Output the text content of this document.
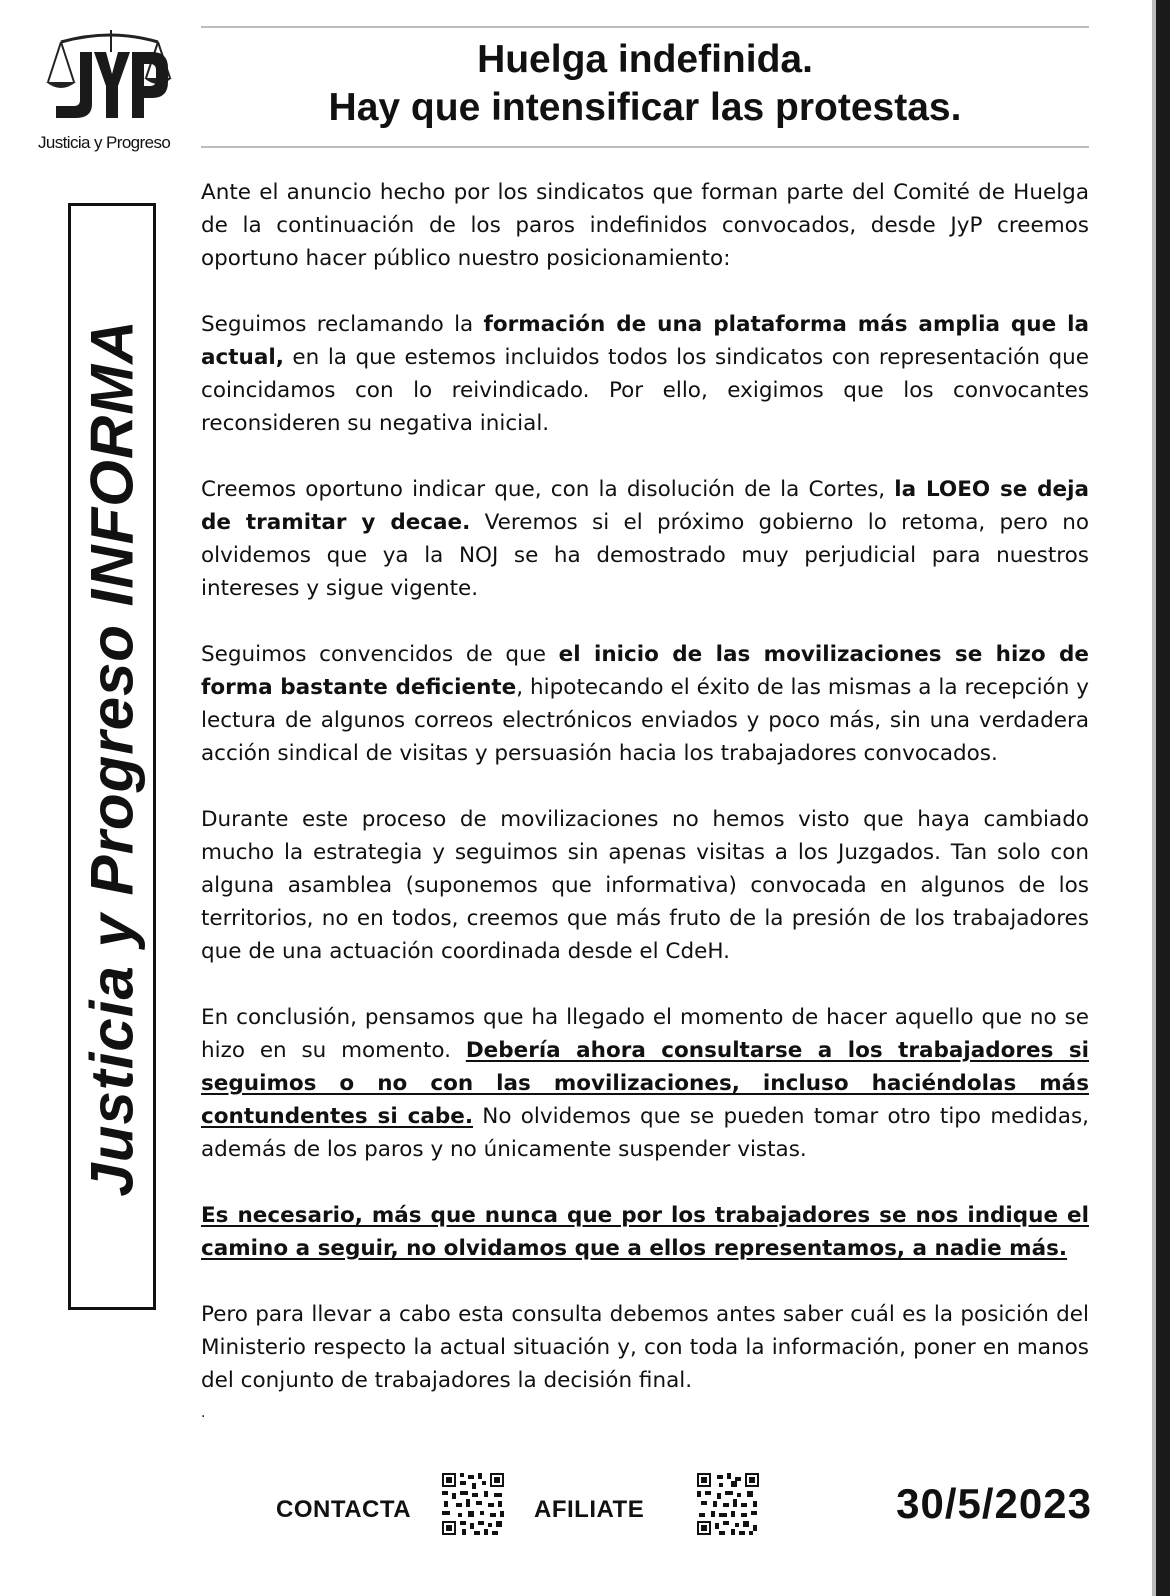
Justicia y Progreso
Huelga indefinida.
Hay que intensificar las protestas.
Justicia y Progreso INFORMA

Ante el anuncio hecho por los sindicatos que forman parte del Comité de Huelga de la continuación de los paros indefinidos convocados, desde JyP creemos oportuno hacer público nuestro posicionamiento:

Seguimos reclamando la formación de una plataforma más amplia que la actual, en la que estemos incluidos todos los sindicatos con representación que coincidamos con lo reivindicado. Por ello, exigimos que los convocantes reconsideren su negativa inicial.

Creemos oportuno indicar que, con la disolución de la Cortes, la LOEO se deja de tramitar y decae. Veremos si el próximo gobierno lo retoma, pero no olvidemos que ya la NOJ se ha demostrado muy perjudicial para nuestros intereses y sigue vigente.

Seguimos convencidos de que el inicio de las movilizaciones se hizo de forma bastante deficiente, hipotecando el éxito de las mismas a la recepción y lectura de algunos correos electrónicos enviados y poco más, sin una verdadera acción sindical de visitas y persuasión hacia los trabajadores convocados.

Durante este proceso de movilizaciones no hemos visto que haya cambiado mucho la estrategia y seguimos sin apenas visitas a los Juzgados. Tan solo con alguna asamblea (suponemos que informativa) convocada en algunos de los territorios, no en todos, creemos que más fruto de la presión de los trabajadores que de una actuación coordinada desde el CdeH.

En conclusión, pensamos que ha llegado el momento de hacer aquello que no se hizo en su momento. Debería ahora consultarse a los trabajadores si seguimos o no con las movilizaciones, incluso haciéndolas más contundentes si cabe. No olvidemos que se pueden tomar otro tipo medidas, además de los paros y no únicamente suspender vistas.

Es necesario, más que nunca que por los trabajadores se nos indique el camino a seguir, no olvidamos que a ellos representamos, a nadie más.

Pero para llevar a cabo esta consulta debemos antes saber cuál es la posición del Ministerio respecto la actual situación y, con toda la información, poner en manos del conjunto de trabajadores la decisión final.

.
CONTACTA	AFILIATE	30/5/2023
